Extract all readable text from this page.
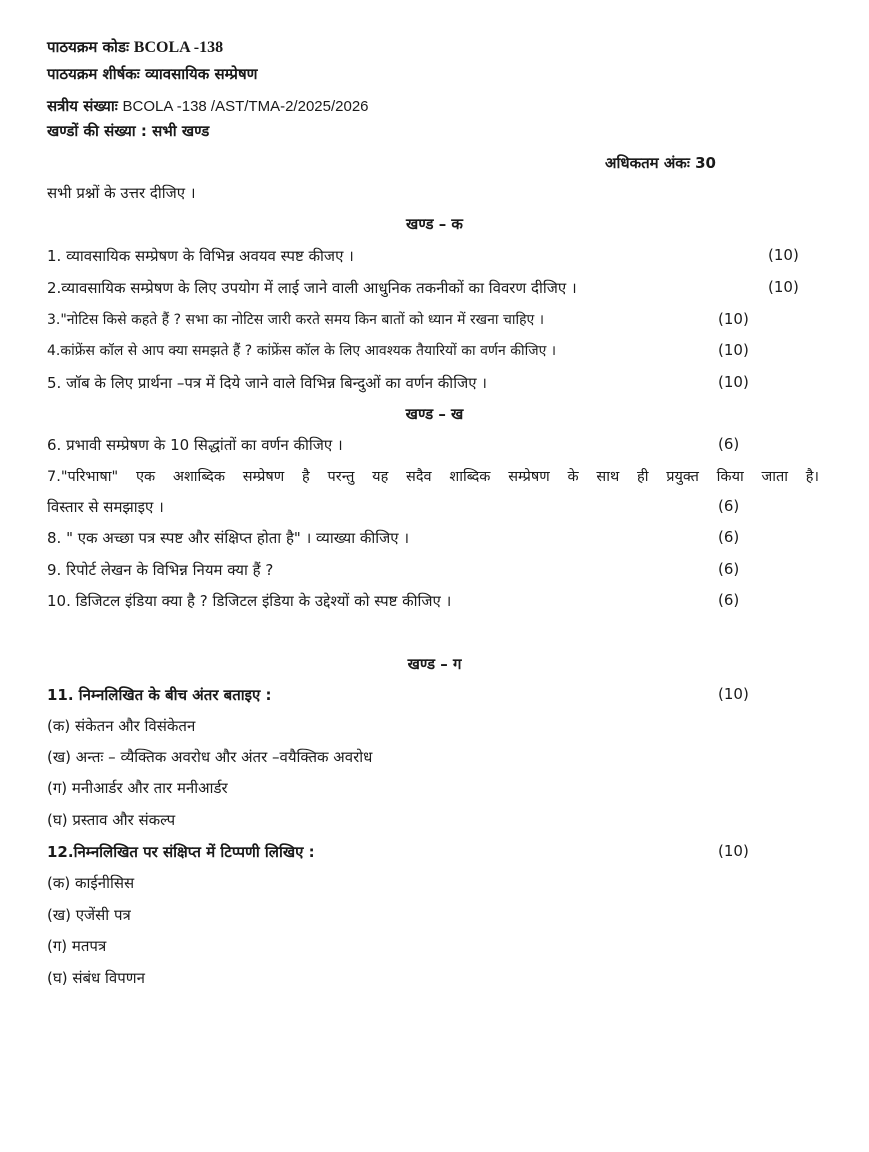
पाठयक्रम कोडः BCOLA -138
पाठयक्रम शीर्षकः व्यावसायिक सम्प्रेषण
सत्रीय संख्याः BCOLA -138 /AST/TMA-2/2025/2026
खण्डों की संख्या : सभी खण्ड
अधिकतम अंकः 30
सभी प्रश्नों के उत्तर दीजिए ।
खण्ड – क
1. व्यावसायिक सम्प्रेषण के विभिन्न अवयव स्पष्ट कीजए ।	(10)
2.व्यावसायिक सम्प्रेषण के लिए उपयोग में लाई जाने वाली आधुनिक तकनीकों का विवरण दीजिए ।	(10)
3."नोटिस किसे कहते हैं ? सभा का नोटिस जारी करते समय किन बातों को ध्यान में रखना चाहिए ।	(10)
4.कांफ्रेंस कॉल से आप क्या समझते हैं ? कांफ्रेंस कॉल के लिए आवश्यक तैयारियों का वर्णन कीजिए ।	(10)
5. जॉब के लिए प्रार्थना –पत्र में दिये जाने वाले विभिन्न बिन्दुओं का वर्णन कीजिए ।	(10)
खण्ड – ख
6. प्रभावी सम्प्रेषण के 10 सिद्धांतों का वर्णन कीजिए ।	(6)
7."परिभाषा" एक अशाब्दिक सम्प्रेषण है परन्तु यह सदैव शाब्दिक सम्प्रेषण के साथ ही प्रयुक्त किया जाता है।
विस्तार से समझाइए ।	(6)
8. " एक अच्छा पत्र स्पष्ट और संक्षिप्त होता है" । व्याख्या कीजिए ।	(6)
9. रिपोर्ट लेखन के विभिन्न नियम क्या हैं ?	(6)
10. डिजिटल इंडिया क्या है ? डिजिटल इंडिया के उद्देश्यों को स्पष्ट कीजिए ।	(6)
खण्ड – ग
11. निम्नलिखित के बीच अंतर बताइए :	(10)
(क) संकेतन और विसंकेतन
(ख) अन्तः – व्यैक्तिक अवरोध और अंतर –वयैक्तिक अवरोध
(ग) मनीआर्डर और तार मनीआर्डर
(घ) प्रस्ताव और संकल्प
12.निम्नलिखित पर संक्षिप्त में टिप्पणी लिखिए :	(10)
(क) काईनीसिस
(ख) एजेंसी पत्र
(ग) मतपत्र
(घ) संबंध विपणन
